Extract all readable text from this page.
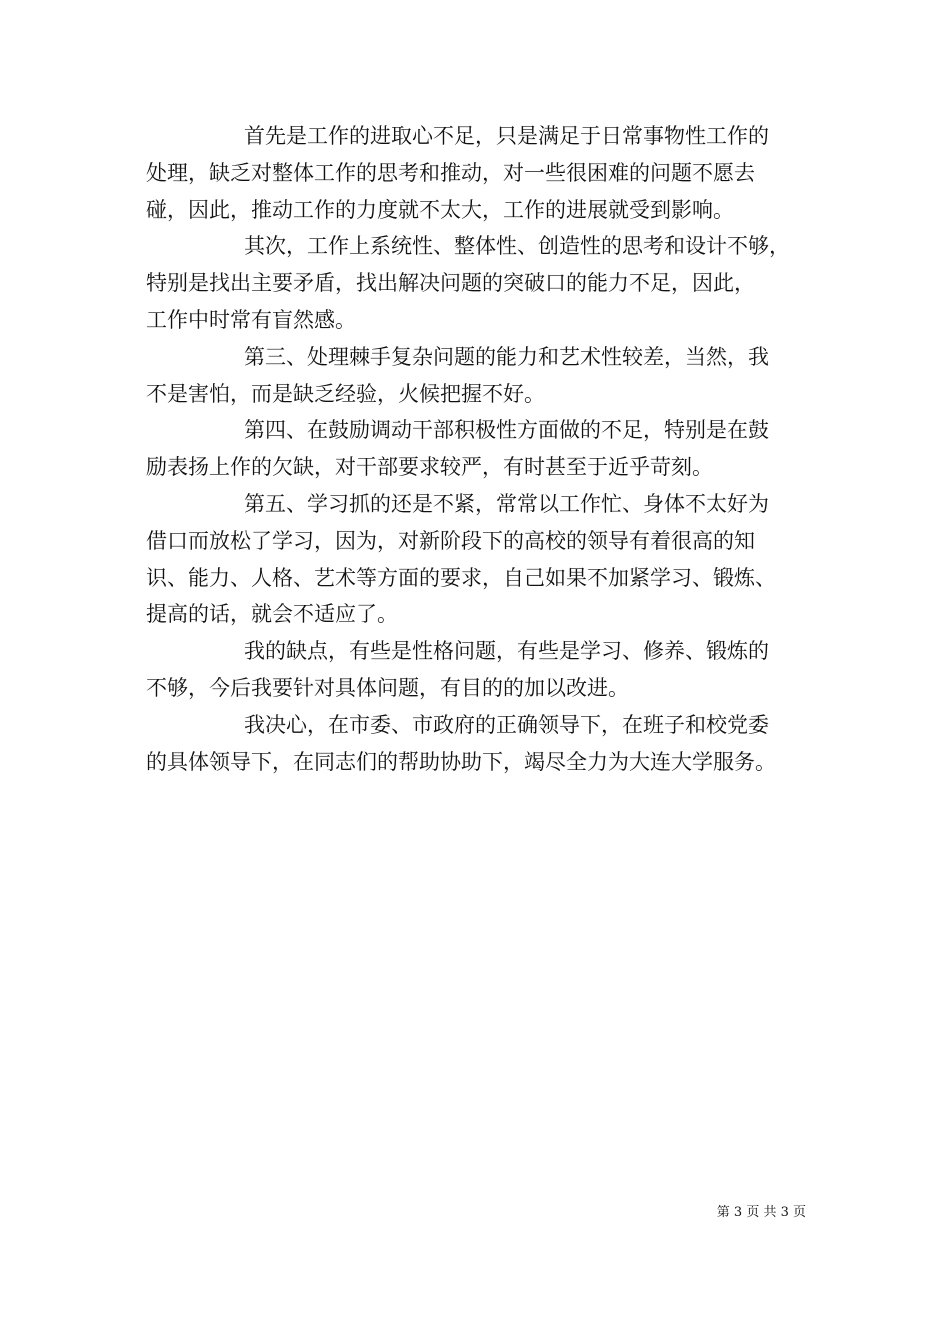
首先是工作的进取心不足，只是满足于日常事物性工作的
处理，缺乏对整体工作的思考和推动，对一些很困难的问题不愿去
碰，因此，推动工作的力度就不太大，工作的进展就受到影响。
其次，工作上系统性、整体性、创造性的思考和设计不够，
特别是找出主要矛盾，找出解决问题的突破口的能力不足，因此，
工作中时常有盲然感。
第三、处理棘手复杂问题的能力和艺术性较差，当然，我
不是害怕，而是缺乏经验，火候把握不好。
第四、在鼓励调动干部积极性方面做的不足，特别是在鼓
励表扬上作的欠缺，对干部要求较严，有时甚至于近乎苛刻。
第五、学习抓的还是不紧，常常以工作忙、身体不太好为
借口而放松了学习，因为，对新阶段下的高校的领导有着很高的知
识、能力、人格、艺术等方面的要求，自己如果不加紧学习、锻炼、
提高的话，就会不适应了。
我的缺点，有些是性格问题，有些是学习、修养、锻炼的
不够，今后我要针对具体问题，有目的的加以改进。
我决心，在市委、市政府的正确领导下，在班子和校党委
的具体领导下，在同志们的帮助协助下，竭尽全力为大连大学服务。
第 3 页 共 3 页
